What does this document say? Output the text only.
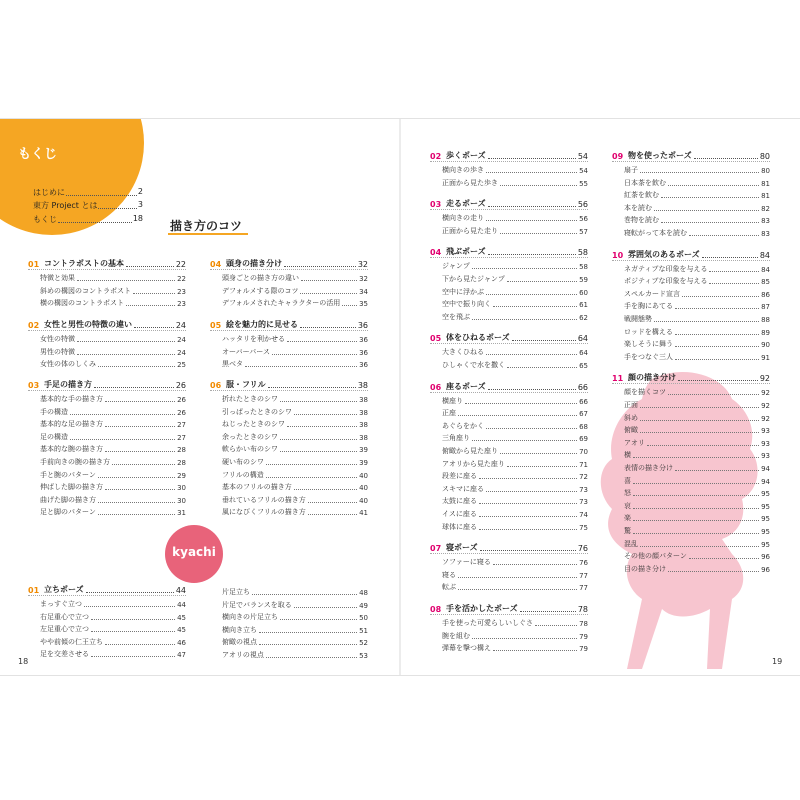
もくじ
はじめに	2
東方 Project とは	3
もくじ	18
描き方のコツ
01 コントラポストの基本	22
特徴と効果	22
斜めの構図のコントラポスト	23
横の構図のコントラポスト	23
02 女性と男性の特徴の違い	24
女性の特徴	24
男性の特徴	24
女性の体のしくみ	25
03 手足の描き方	26
基本的な手の描き方	26
手の構造	26
基本的な足の描き方	27
足の構造	27
基本的な腕の描き方	28
手前向きの腕の描き方	28
手と腕のパターン	29
伸ばした脚の描き方	30
曲げた脚の描き方	30
足と脚のパターン	31
04 頭身の描き分け	32
頭身ごとの描き方の違い	32
デフォルメする際のコツ	34
デフォルメされたキャラクターの活用	35
05 絵を魅力的に見せる	36
ハッタリを利かせる	36
オーバーパース	36
黒ベタ	36
06 服・フリル	38
折れたときのシワ	38
引っぱったときのシワ	38
ねじったときのシワ	38
余ったときのシワ	38
軟らかい布のシワ	39
硬い布のシワ	39
フリルの構造	40
基本のフリルの描き方	40
垂れているフリルの描き方	40
風になびくフリルの描き方	41
kyachi
01 立ちポーズ	44
まっすぐ立つ	44
右足重心で立つ	45
左足重心で立つ	45
やや前傾の仁王立ち	46
足を交差させる	47
片足立ち	48
片足でバランスを取る	49
横向きの片足立ち	50
横向き立ち	51
俯瞰の視点	52
アオリの視点	53
18
02 歩くポーズ	54
横向きの歩き	54
正面から見た歩き	55
03 走るポーズ	56
横向きの走り	56
正面から見た走り	57
04 飛ぶポーズ	58
ジャンプ	58
下から見たジャンプ	59
空中に浮かぶ	60
空中で振り向く	61
空を飛ぶ	62
05 体をひねるポーズ	64
大きくひねる	64
ひしゃくで水を撒く	65
06 座るポーズ	66
横座り	66
正座	67
あぐらをかく	68
三角座り	69
俯瞰から見た座り	70
アオリから見た座り	71
段差に座る	72
スキマに座る	73
太鼓に座る	73
イスに座る	74
球体に座る	75
07 寝ポーズ	76
ソファーに寝る	76
寝る	77
転ぶ	77
08 手を活かしたポーズ	78
手を使った可愛らしいしぐさ	78
腕を組む	79
弾幕を撃つ構え	79
09 物を使ったポーズ	80
扇子	80
日本茶を飲む	81
紅茶を飲む	81
本を読む	82
巻物を読む	83
寝転がって本を読む	83
10 雰囲気のあるポーズ	84
ネガティブな印象を与える	84
ポジティブな印象を与える	85
スペルカード宣言	86
手を胸にあてる	87
戦闘態勢	88
ロッドを構える	89
楽しそうに舞う	90
手をつなぐ三人	91
11 顔の描き分け	92
顔を描くコツ	92
正面	92
斜め	92
俯瞰	93
アオリ	93
横	93
表情の描き分け	94
喜	94
怒	95
哀	95
楽	95
驚	95
混乱	95
その他の顔パターン	96
目の描き分け	96
19
